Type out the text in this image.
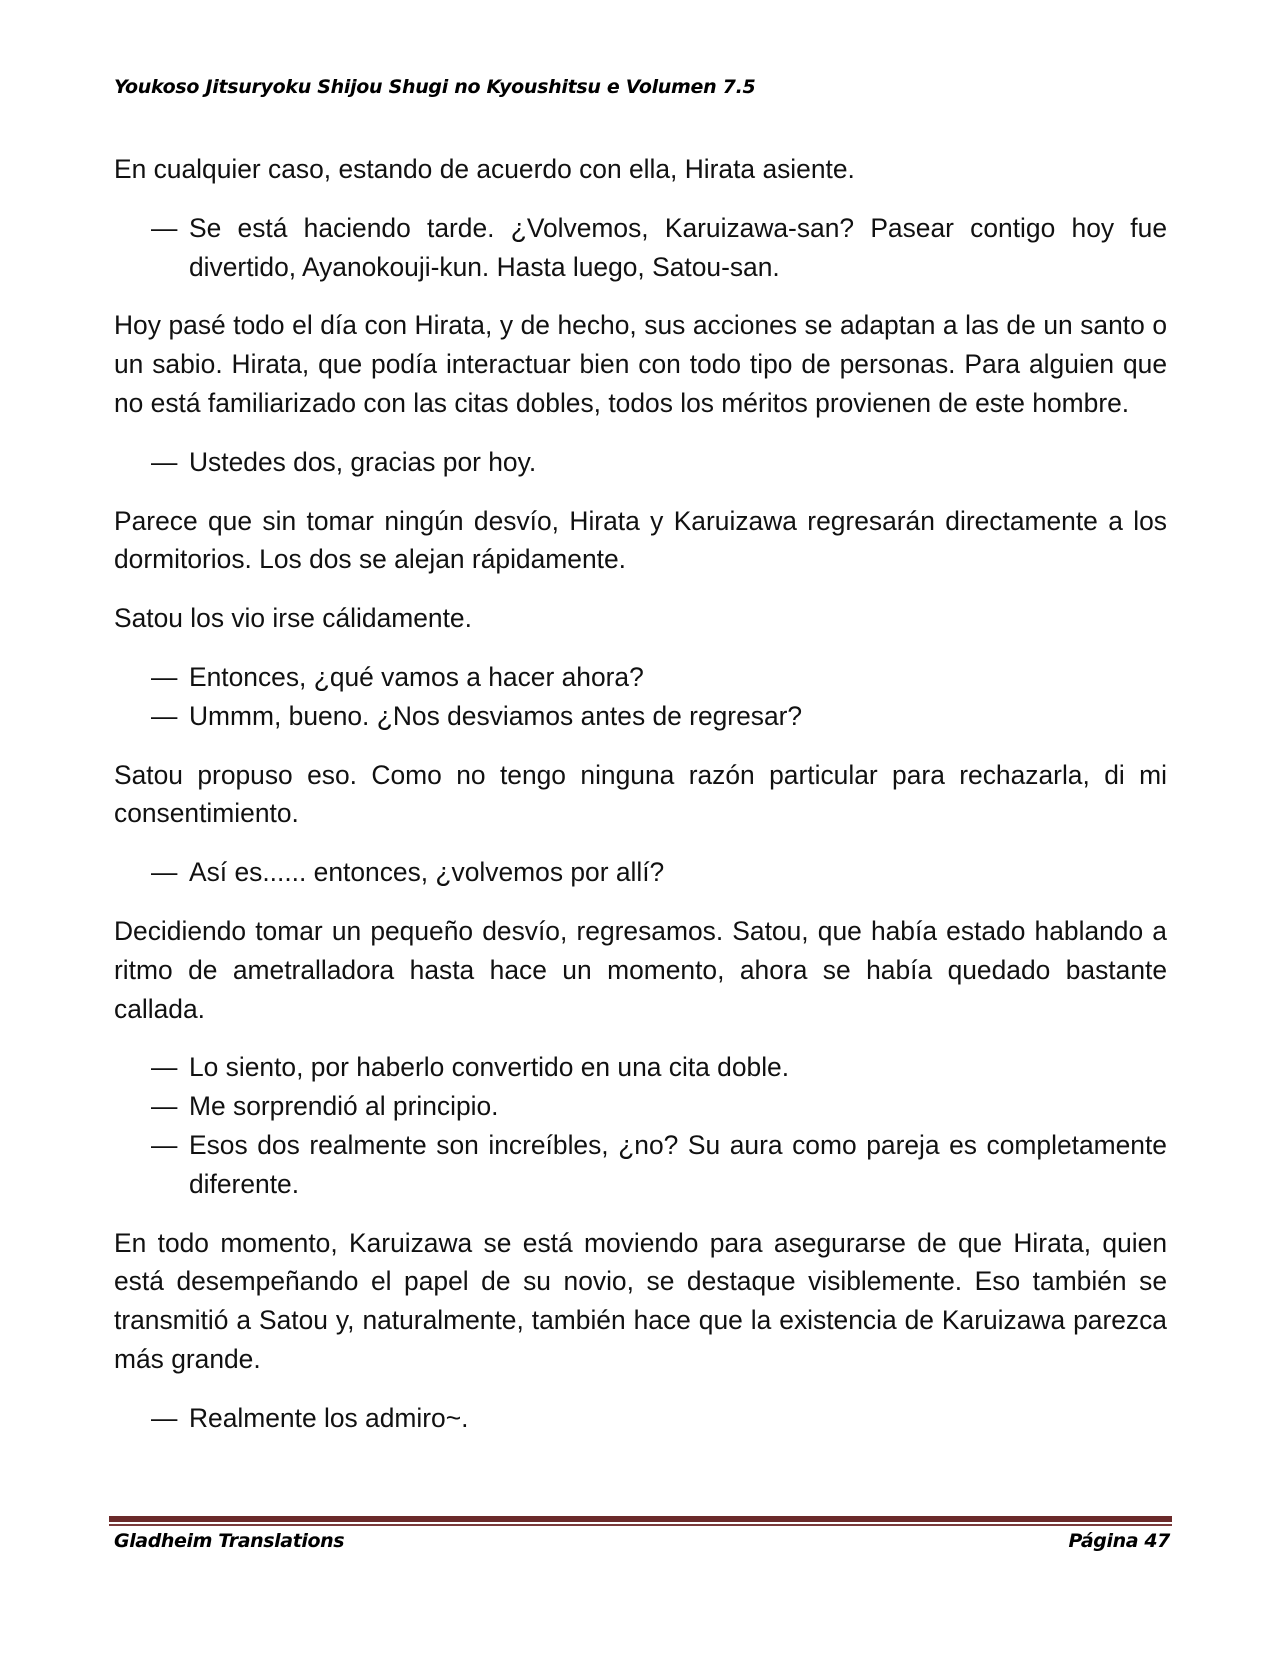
Youkoso Jitsuryoku Shijou Shugi no Kyoushitsu e Volumen 7.5

En cualquier caso, estando de acuerdo con ella, Hirata asiente.

— Se está haciendo tarde. ¿Volvemos, Karuizawa-san? Pasear contigo hoy fue divertido, Ayanokouji-kun. Hasta luego, Satou-san.

Hoy pasé todo el día con Hirata, y de hecho, sus acciones se adaptan a las de un santo o un sabio. Hirata, que podía interactuar bien con todo tipo de personas. Para alguien que no está familiarizado con las citas dobles, todos los méritos provienen de este hombre.

— Ustedes dos, gracias por hoy.

Parece que sin tomar ningún desvío, Hirata y Karuizawa regresarán directamente a los dormitorios. Los dos se alejan rápidamente.

Satou los vio irse cálidamente.

— Entonces, ¿qué vamos a hacer ahora?
— Ummm, bueno. ¿Nos desviamos antes de regresar?

Satou propuso eso. Como no tengo ninguna razón particular para rechazarla, di mi consentimiento.

— Así es...... entonces, ¿volvemos por allí?

Decidiendo tomar un pequeño desvío, regresamos. Satou, que había estado hablando a ritmo de ametralladora hasta hace un momento, ahora se había quedado bastante callada.

— Lo siento, por haberlo convertido en una cita doble.
— Me sorprendió al principio.
— Esos dos realmente son increíbles, ¿no? Su aura como pareja es completamente diferente.

En todo momento, Karuizawa se está moviendo para asegurarse de que Hirata, quien está desempeñando el papel de su novio, se destaque visiblemente. Eso también se transmitió a Satou y, naturalmente, también hace que la existencia de Karuizawa parezca más grande.

— Realmente los admiro~.
Gladheim Translations	Página 47
